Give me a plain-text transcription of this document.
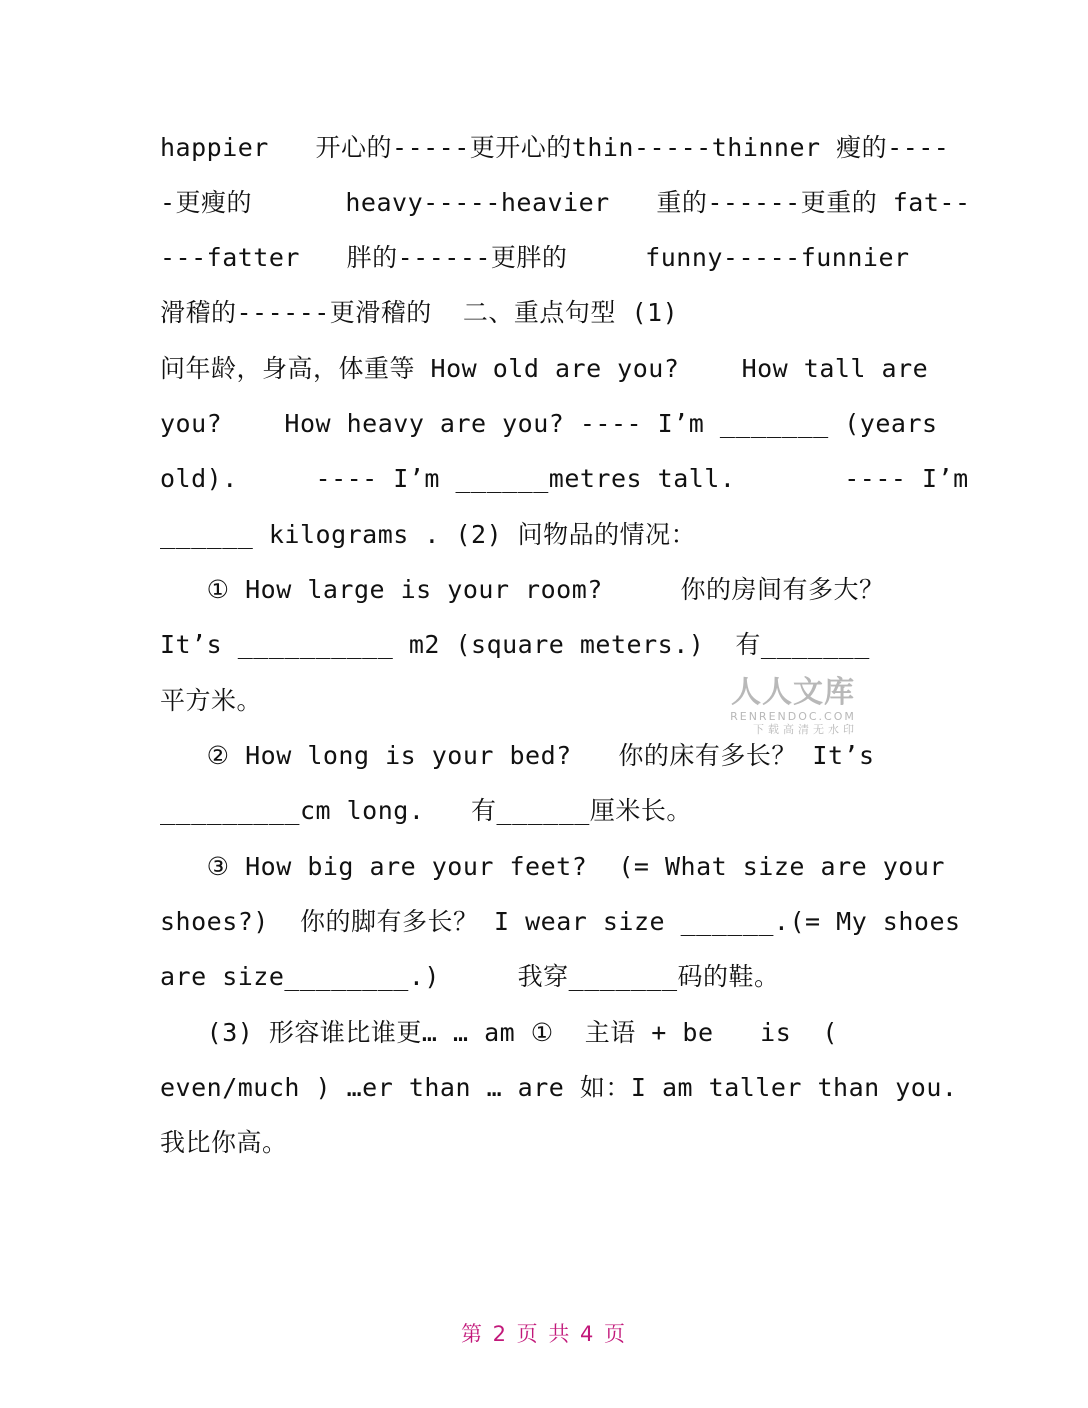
happier   开心的-----更开心的thin-----thinner 瘦的----
-更瘦的      heavy-----heavier   重的------更重的 fat--
---fatter   胖的------更胖的     funny-----funnier
滑稽的------更滑稽的  二、重点句型 (1)
问年龄，身高，体重等 How old are you?    How tall are
you?    How heavy are you? ---- I’m _______ (years
old).     ---- I’m ______metres tall.       ---- I’m
______ kilograms . (2) 问物品的情况：
① How large is your room?     你的房间有多大？
It’s __________ m2 (square meters.)  有_______
平方米。
② How long is your bed?   你的床有多长？ It’s
_________cm long.   有______厘米长。
③ How big are your feet?  (= What size are your
shoes?)  你的脚有多长？ I wear size ______.(= My shoes
are size________.)     我穿_______码的鞋。
(3) 形容谁比谁更… … am ①  主语 + be   is  (
even/much ) …er than … are 如：I am taller than you.
我比你高。
人人文库
RENRENDOC.COM
下载高清无水印
第 2 页 共 4 页
